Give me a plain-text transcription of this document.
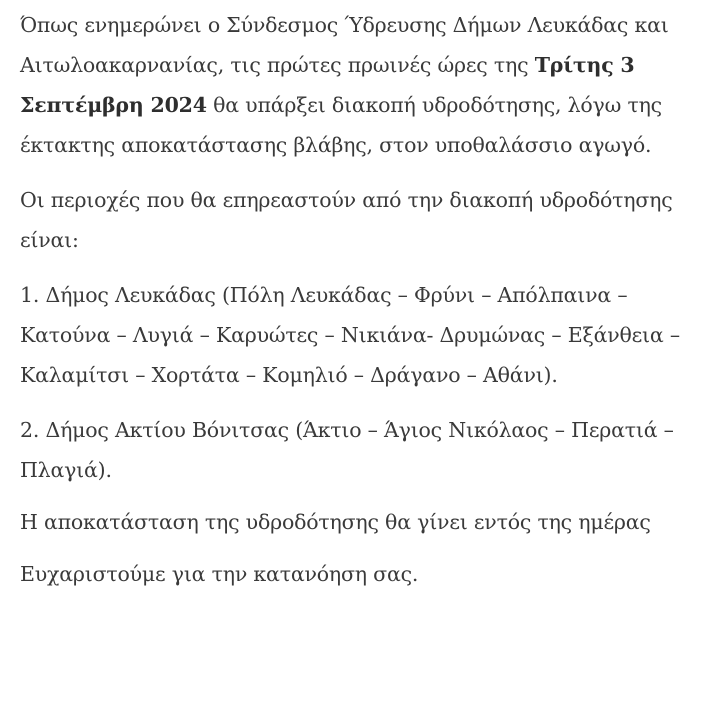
Όπως ενημερώνει ο Σύνδεσμος Ύδρευσης Δήμων Λευκάδας και Αιτωλοακαρνανίας, τις πρώτες πρωινές ώρες της Τρίτης 3 Σεπτέμβρη 2024 θα υπάρξει διακοπή υδροδότησης, λόγω της έκτακτης αποκατάστασης βλάβης, στον υποθαλάσσιο αγωγό.

Οι περιοχές που θα επηρεαστούν από την διακοπή υδροδότησης είναι:

1. Δήμος Λευκάδας (Πόλη Λευκάδας – Φρύνι – Απόλπαινα – Κατούνα – Λυγιά – Καρυώτες – Νικιάνα- Δρυμώνας – Εξάνθεια – Καλαμίτσι – Χορτάτα – Κομηλιό – Δράγανο – Αθάνι).

2. Δήμος Ακτίου Βόνιτσας (Άκτιο – Άγιος Νικόλαος – Περατιά – Πλαγιά).

Η αποκατάσταση της υδροδότησης θα γίνει εντός της ημέρας

Ευχαριστούμε για την κατανόηση σας.
